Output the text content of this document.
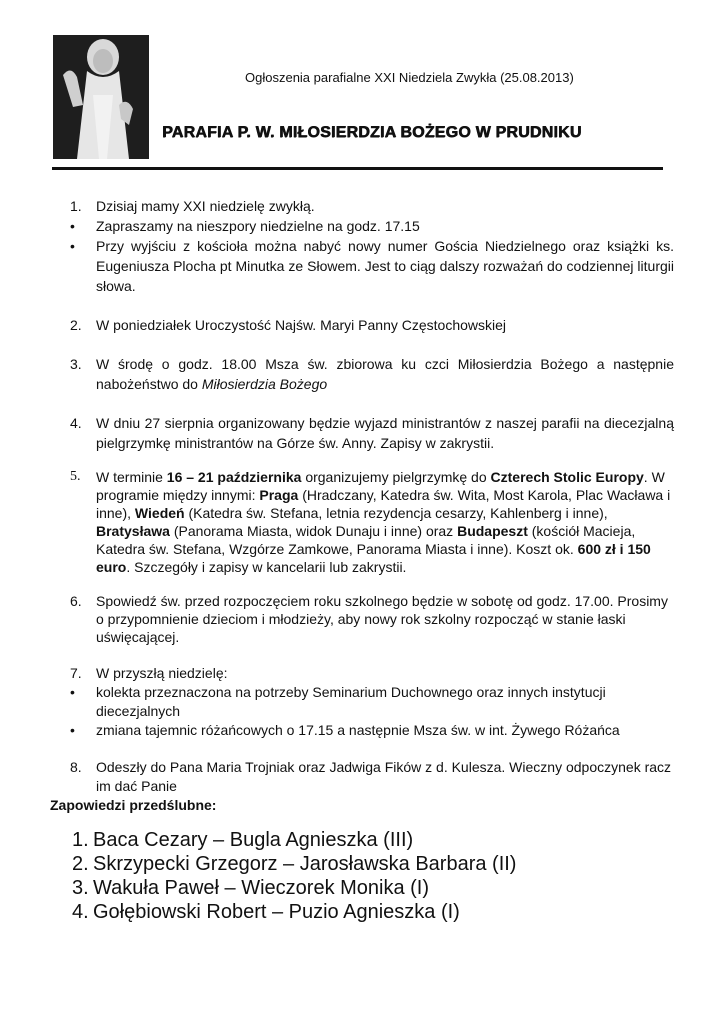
Ogłoszenia parafialne XXI Niedziela Zwykła (25.08.2013)
PARAFIA P. W. MIŁOSIERDZIA BOŻEGO W PRUDNIKU
1.	Dzisiaj mamy XXI niedzielę zwykłą.
•	Zapraszamy na nieszpory niedzielne na godz. 17.15
•	Przy wyjściu z kościoła można nabyć nowy numer Gościa Niedzielnego oraz książki ks. Eugeniusza Plocha pt Minutka ze Słowem. Jest to ciąg dalszy rozważań do codziennej liturgii słowa.
2.	W poniedziałek Uroczystość Najśw. Maryi Panny Częstochowskiej
3.	W środę o godz. 18.00 Msza św. zbiorowa ku czci Miłosierdzia Bożego a następnie nabożeństwo do Miłosierdzia Bożego
4.	W dniu 27 sierpnia organizowany będzie wyjazd ministrantów z naszej parafii na diecezjalną pielgrzymkę ministrantów na Górze św. Anny. Zapisy w zakrystii.
5.	W terminie 16 – 21 października organizujemy pielgrzymkę do Czterech Stolic Europy. W programie między innymi: Praga (Hradczany, Katedra św. Wita, Most Karola, Plac Wacława i inne), Wiedeń (Katedra św. Stefana, letnia rezydencja cesarzy, Kahlenberg i inne), Bratysława (Panorama Miasta, widok Dunaju i inne) oraz Budapeszt (kościół Macieja, Katedra św. Stefana, Wzgórze Zamkowe, Panorama Miasta i inne). Koszt ok. 600 zł i 150 euro. Szczegóły i zapisy w kancelarii lub zakrystii.
6.	Spowiedź św. przed rozpoczęciem roku szkolnego będzie w sobotę od godz. 17.00. Prosimy o przypomnienie dzieciom i młodzieży, aby nowy rok szkolny rozpocząć w stanie łaski uświęcającej.
7.	W przyszłą niedzielę:
•	kolekta przeznaczona na potrzeby Seminarium Duchownego oraz innych instytucji diecezjalnych
•	zmiana tajemnic różańcowych o 17.15 a następnie Msza św. w int. Żywego Różańca
8.	Odeszły do Pana Maria Trojniak oraz Jadwiga Fików z d. Kulesza. Wieczny odpoczynek racz im dać Panie
Zapowiedzi przedślubne:
1. Baca Cezary – Bugla Agnieszka (III)
2. Skrzypecki Grzegorz – Jarosławska Barbara (II)
3. Wakuła Paweł – Wieczorek Monika (I)
4. Gołębiowski Robert – Puzio Agnieszka (I)
